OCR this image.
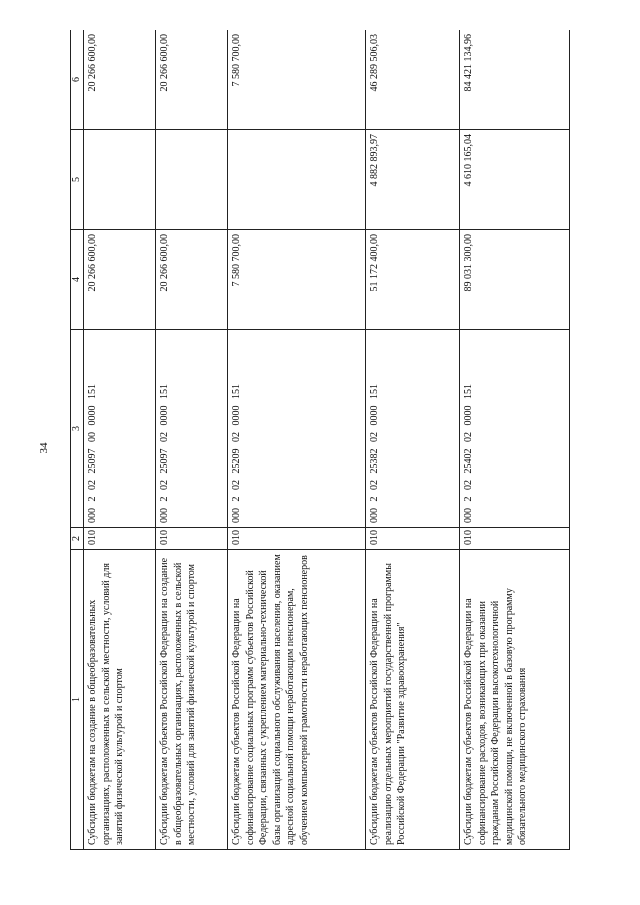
34
1	2	3	4	5	6
Субсидии бюджетам на создание в общеобразовательных организациях, расположенных в сельской местности, условий для занятий физической культурой и спортом	010	000 2 02 25097 00 0000 151	20 266 600,00		20 266 600,00
Субсидии бюджетам субъектов Российской Федерации на создание в общеобразовательных организациях, расположенных в сельской местности, условий для занятий физической культурой и спортом	010	000 2 02 25097 02 0000 151	20 266 600,00		20 266 600,00
Субсидии бюджетам субъектов Российской Федерации на софинансирование социальных программ субъектов Российской Федерации, связанных с укреплением материально-технической базы организаций социального обслуживания населения, оказанием адресной социальной помощи неработающим пенсионерам, обучением компьютерной грамотности неработающих пенсионеров	010	000 2 02 25209 02 0000 151	7 580 700,00		7 580 700,00
Субсидии бюджетам субъектов Российской Федерации на реализацию отдельных мероприятий государственной программы Российской Федерации "Развитие здравоохранения"	010	000 2 02 25382 02 0000 151	51 172 400,00	4 882 893,97	46 289 506,03
Субсидии бюджетам субъектов Российской Федерации на софинансирование расходов, возникающих при оказании гражданам Российской Федерации высокотехнологичной медицинской помощи, не включенной в базовую программу обязательного медицинского страхования	010	000 2 02 25402 02 0000 151	89 031 300,00	4 610 165,04	84 421 134,96
